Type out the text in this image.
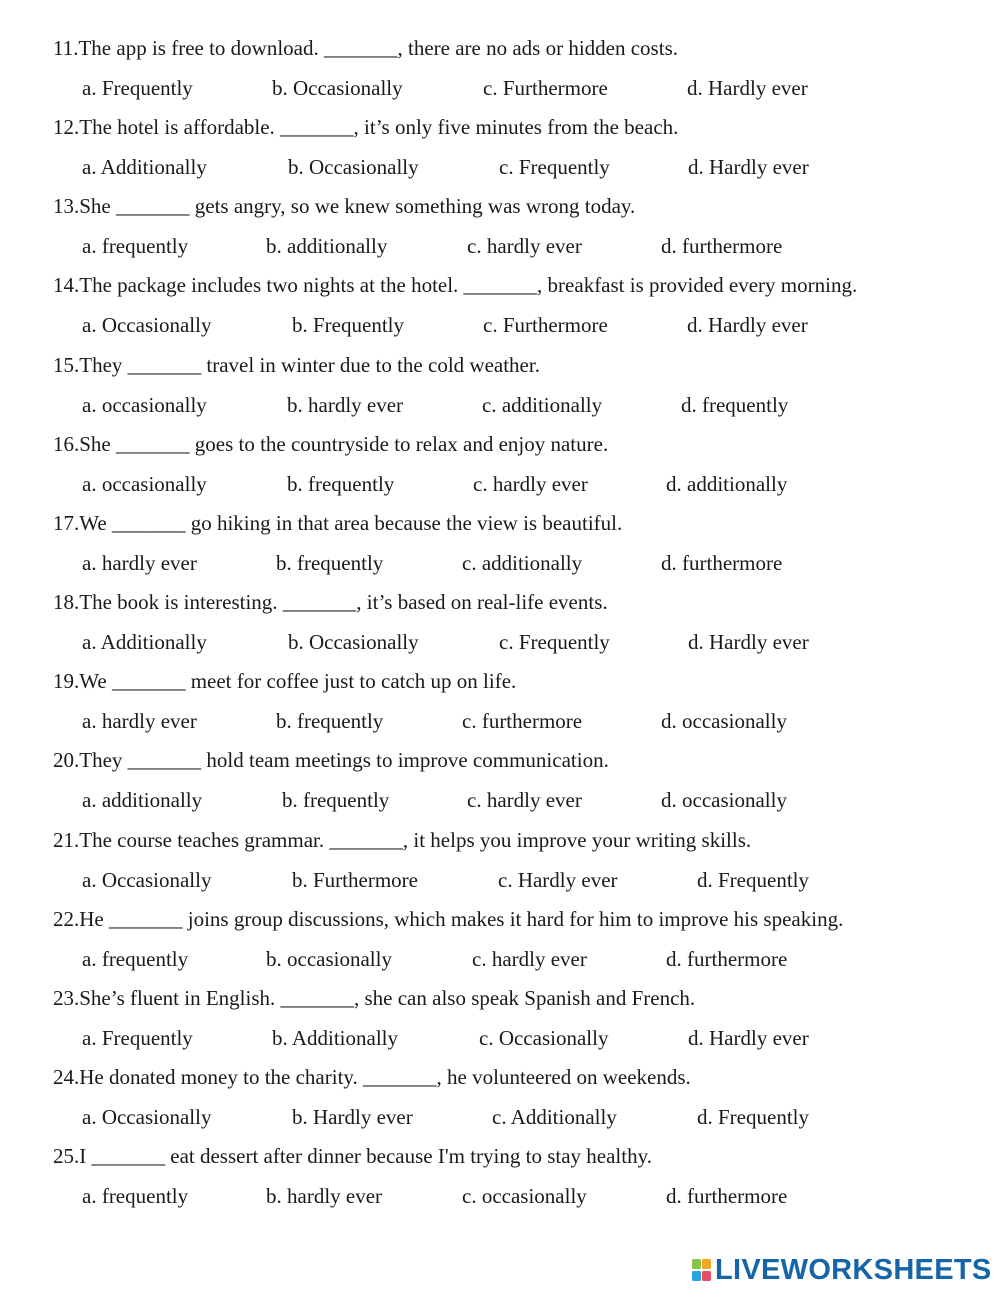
11.The app is free to download. _______, there are no ads or hidden costs.
a. Frequently	b. Occasionally	c. Furthermore	d. Hardly ever
12.The hotel is affordable. _______, it’s only five minutes from the beach.
a. Additionally	b. Occasionally	c. Frequently	d. Hardly ever
13.She _______ gets angry, so we knew something was wrong today.
a. frequently	b. additionally	c. hardly ever	d. furthermore
14.The package includes two nights at the hotel. _______, breakfast is provided every morning.
a. Occasionally	b. Frequently	c. Furthermore	d. Hardly ever
15.They _______ travel in winter due to the cold weather.
a. occasionally	b. hardly ever	c. additionally	d. frequently
16.She _______ goes to the countryside to relax and enjoy nature.
a. occasionally	b. frequently	c. hardly ever	d. additionally
17.We _______ go hiking in that area because the view is beautiful.
a. hardly ever	b. frequently	c. additionally	d. furthermore
18.The book is interesting. _______, it’s based on real-life events.
a. Additionally	b. Occasionally	c. Frequently	d. Hardly ever
19.We _______ meet for coffee just to catch up on life.
a. hardly ever	b. frequently	c. furthermore	d. occasionally
20.They _______ hold team meetings to improve communication.
a. additionally	b. frequently	c. hardly ever	d. occasionally
21.The course teaches grammar. _______, it helps you improve your writing skills.
a. Occasionally	b. Furthermore	c. Hardly ever	d. Frequently
22.He _______ joins group discussions, which makes it hard for him to improve his speaking.
a. frequently	b. occasionally	c. hardly ever	d. furthermore
23.She’s fluent in English. _______, she can also speak Spanish and French.
a. Frequently	b. Additionally	c. Occasionally	d. Hardly ever
24.He donated money to the charity. _______, he volunteered on weekends.
a. Occasionally	b. Hardly ever	c. Additionally	d. Frequently
25.I _______ eat dessert after dinner because I'm trying to stay healthy.
a. frequently	b. hardly ever	c. occasionally	d. furthermore
LIVEWORKSHEETS
